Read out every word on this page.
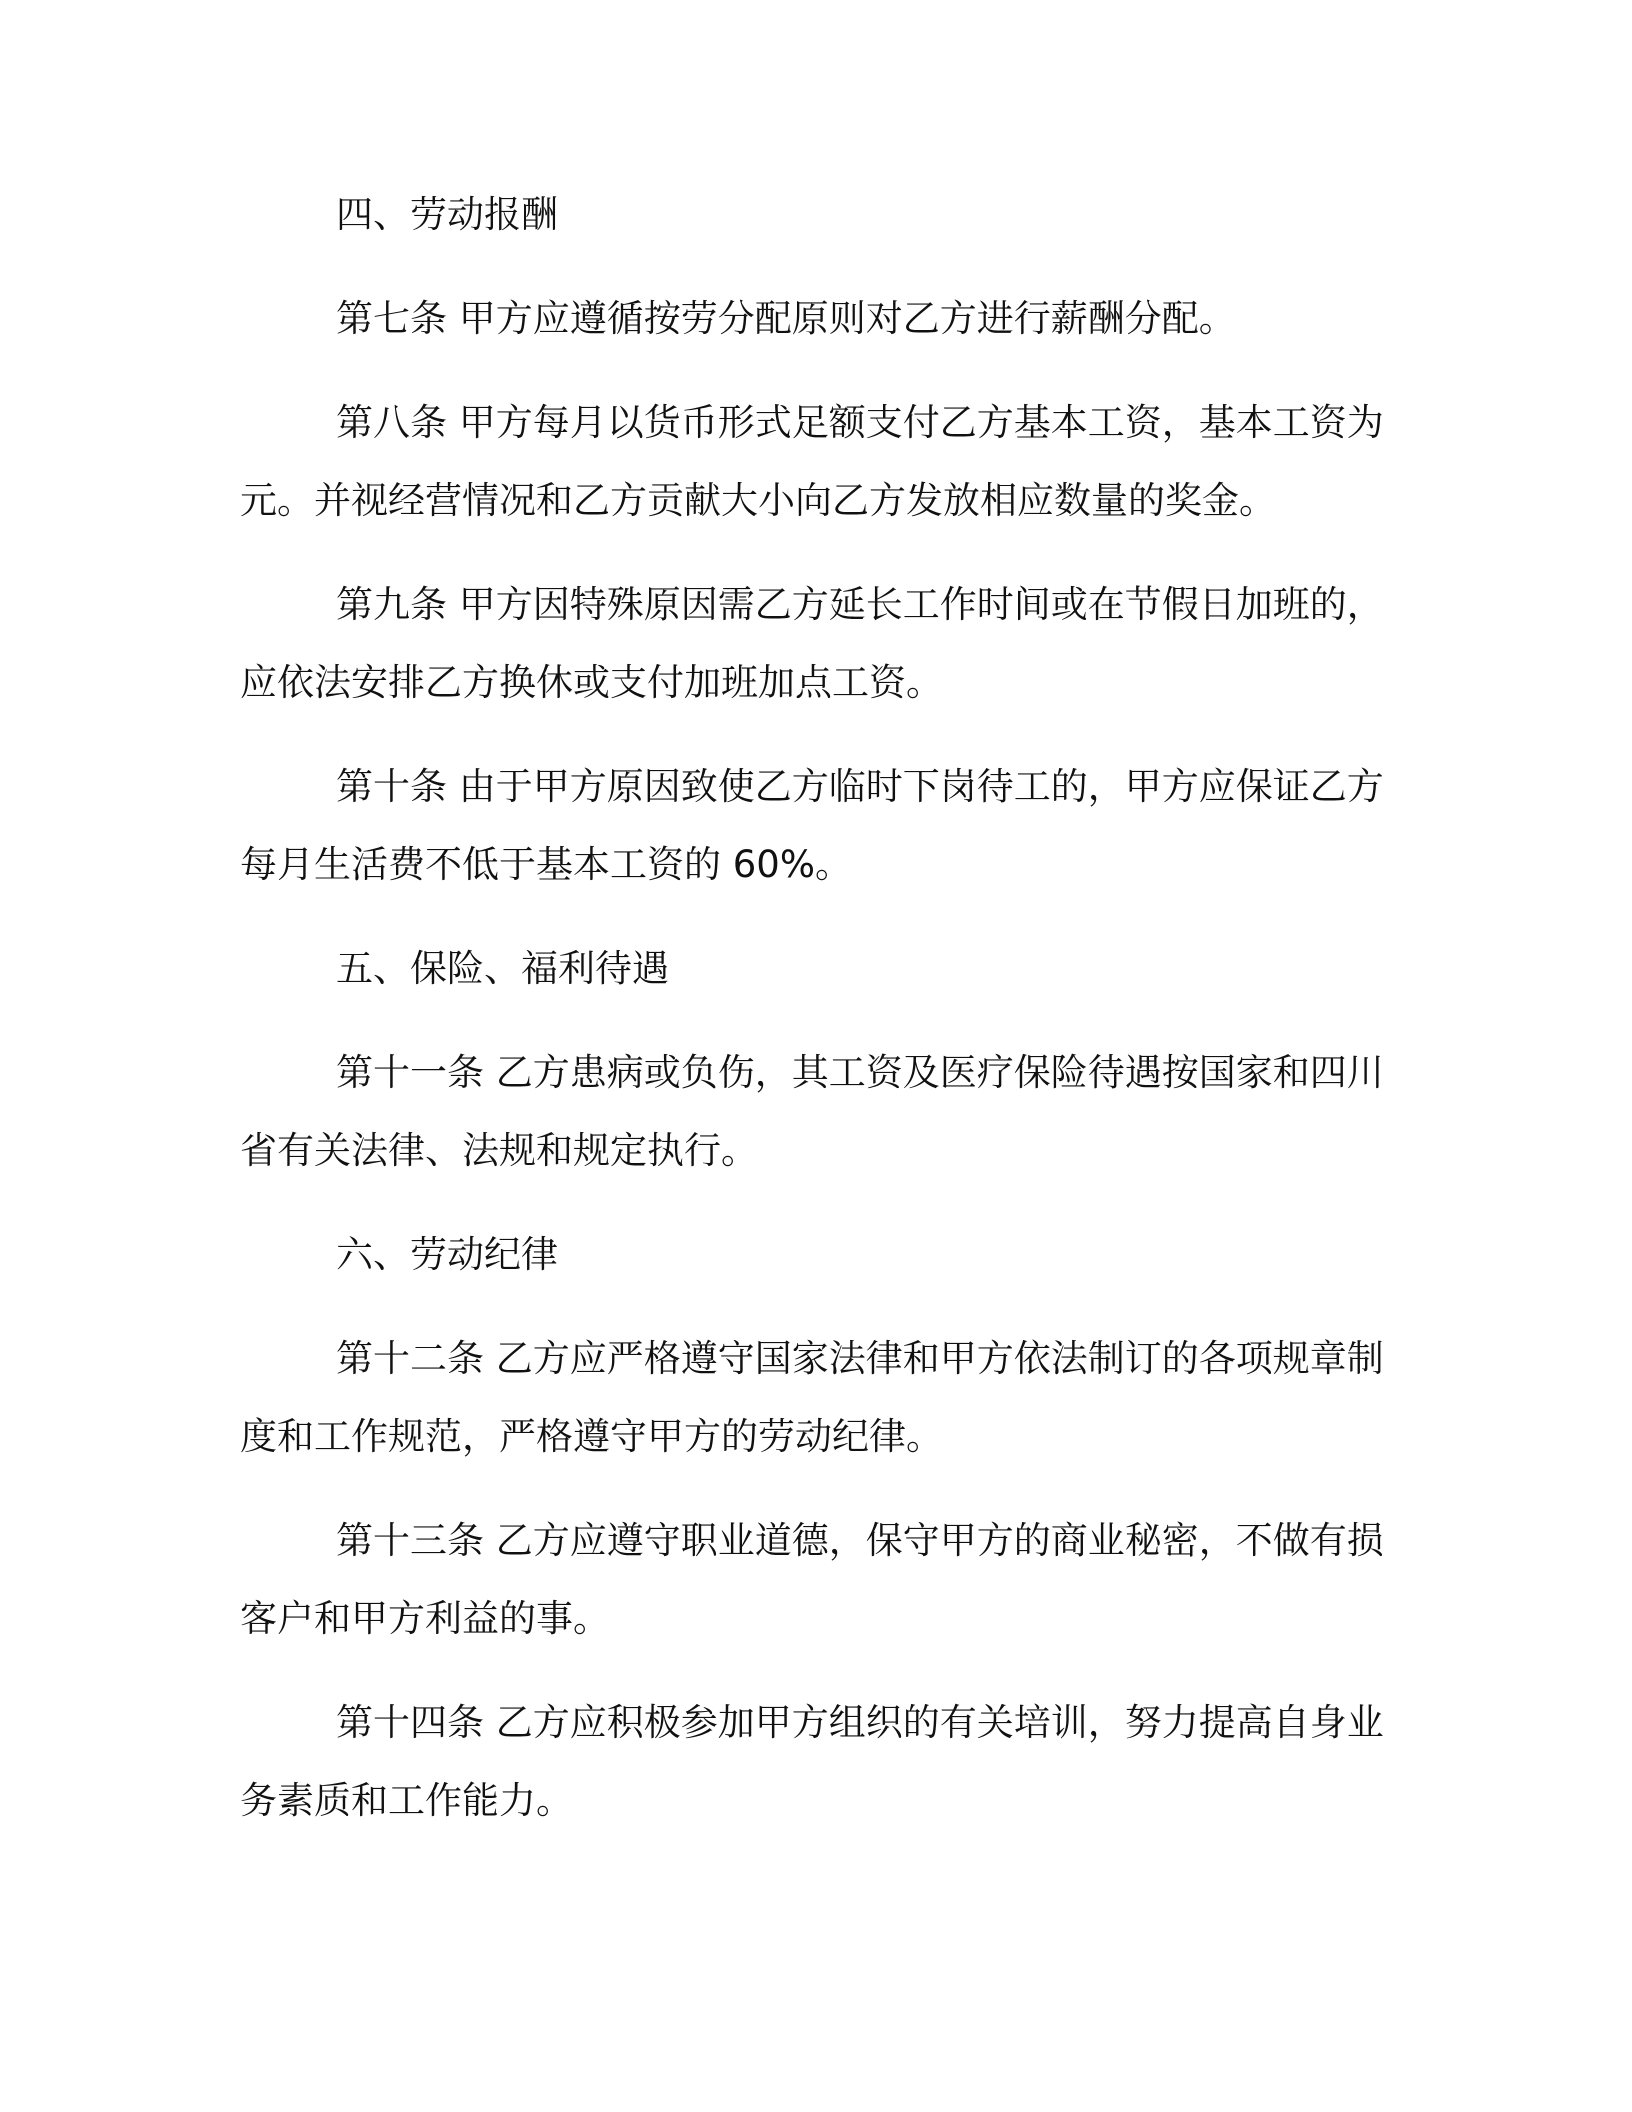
四、劳动报酬
第七条 甲方应遵循按劳分配原则对乙方进行薪酬分配。
第八条 甲方每月以货币形式足额支付乙方基本工资，基本工资为
元。并视经营情况和乙方贡献大小向乙方发放相应数量的奖金。
第九条 甲方因特殊原因需乙方延长工作时间或在节假日加班的，
应依法安排乙方换休或支付加班加点工资。
第十条 由于甲方原因致使乙方临时下岗待工的，甲方应保证乙方
每月生活费不低于基本工资的 60%。
五、保险、福利待遇
第十一条 乙方患病或负伤，其工资及医疗保险待遇按国家和四川
省有关法律、法规和规定执行。
六、劳动纪律
第十二条 乙方应严格遵守国家法律和甲方依法制订的各项规章制
度和工作规范，严格遵守甲方的劳动纪律。
第十三条 乙方应遵守职业道德，保守甲方的商业秘密，不做有损
客户和甲方利益的事。
第十四条 乙方应积极参加甲方组织的有关培训，努力提高自身业
务素质和工作能力。
